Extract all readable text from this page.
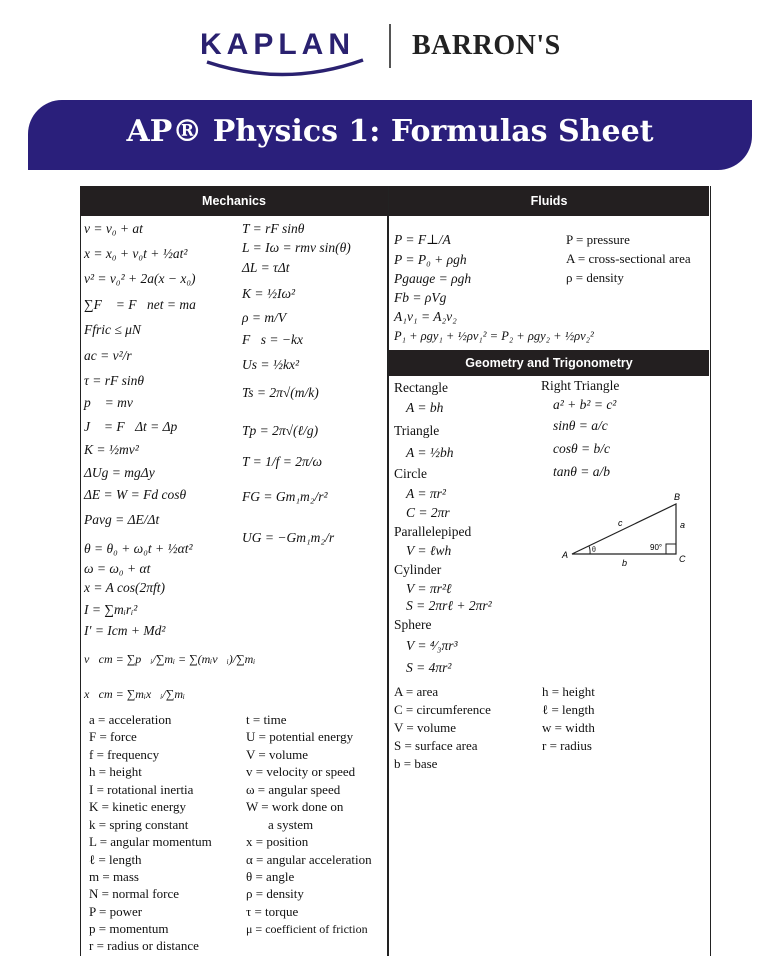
KAPLAN BARRON'S
AP® Physics 1: Formulas Sheet
Mechanics	Fluids
Geometry and Trigonometry
v = v₀ + at
x = x₀ + v₀t + ½at²
v² = v₀² + 2a(x − x₀)
∑F⃗ = F⃗net = ma⃗
Ffric ≤ μN
ac = v²/r
τ = rF sinθ
p⃗ = mv⃗
J⃗ = F⃗Δt = Δp⃗
K = ½mv²
ΔUg = mgΔy
ΔE = W = Fd cosθ
Pavg = ΔE/Δt
θ = θ₀ + ω₀t + ½αt²
ω = ω₀ + αt
x = A cos(2πft)
I = ∑mᵢrᵢ²
I′ = Icm + Md²
v⃗cm = ∑p⃗ᵢ/∑mᵢ = ∑(mᵢv⃗ᵢ)/∑mᵢ
x⃗cm = ∑mᵢx⃗ᵢ/∑mᵢ
T = rF sinθ
L = Iω = rmv sin(θ)
ΔL = τΔt
K = ½Iω²
ρ = m/V
F⃗s = −kx⃗
Us = ½kx²
Ts = 2π√(m/k)
Tp = 2π√(ℓ/g)
T = 1/f = 2π/ω
FG = Gm₁m₂/r²
UG = −Gm₁m₂/r
a = acceleration
F = force
f = frequency
h = height
I = rotational inertia
K = kinetic energy
k = spring constant
L = angular momentum
ℓ = length
m = mass
N = normal force
P = power
p = momentum
r = radius or distance
t = time
U = potential energy
V = volume
v = velocity or speed
ω = angular speed
W = work done on
a system
x = position
α = angular acceleration
θ = angle
ρ = density
τ = torque
μ = coefficient of friction
P = F⊥/A
P = P₀ + ρgh
Pgauge = ρgh
Fb = ρVg
A₁v₁ = A₂v₂
P₁ + ρgy₁ + ½ρv₁² = P₂ + ρgy₂ + ½ρv₂²
P = pressure
A = cross-sectional area
ρ = density
Rectangle
A = bh
Triangle
A = ½bh
Circle
A = πr²
C = 2πr
Parallelepiped
V = ℓwh
Cylinder
V = πr²ℓ
S = 2πrℓ + 2πr²
Sphere
V = ⁴⁄₃πr³
S = 4πr²
Right Triangle
a² + b² = c²
sinθ = a/c
cosθ = b/c
tanθ = a/b
A
B
C
a
b
c
θ	90°
A = area
C = circumference
V = volume
S = surface area
b = base
h = height
ℓ = length
w = width
r = radius
